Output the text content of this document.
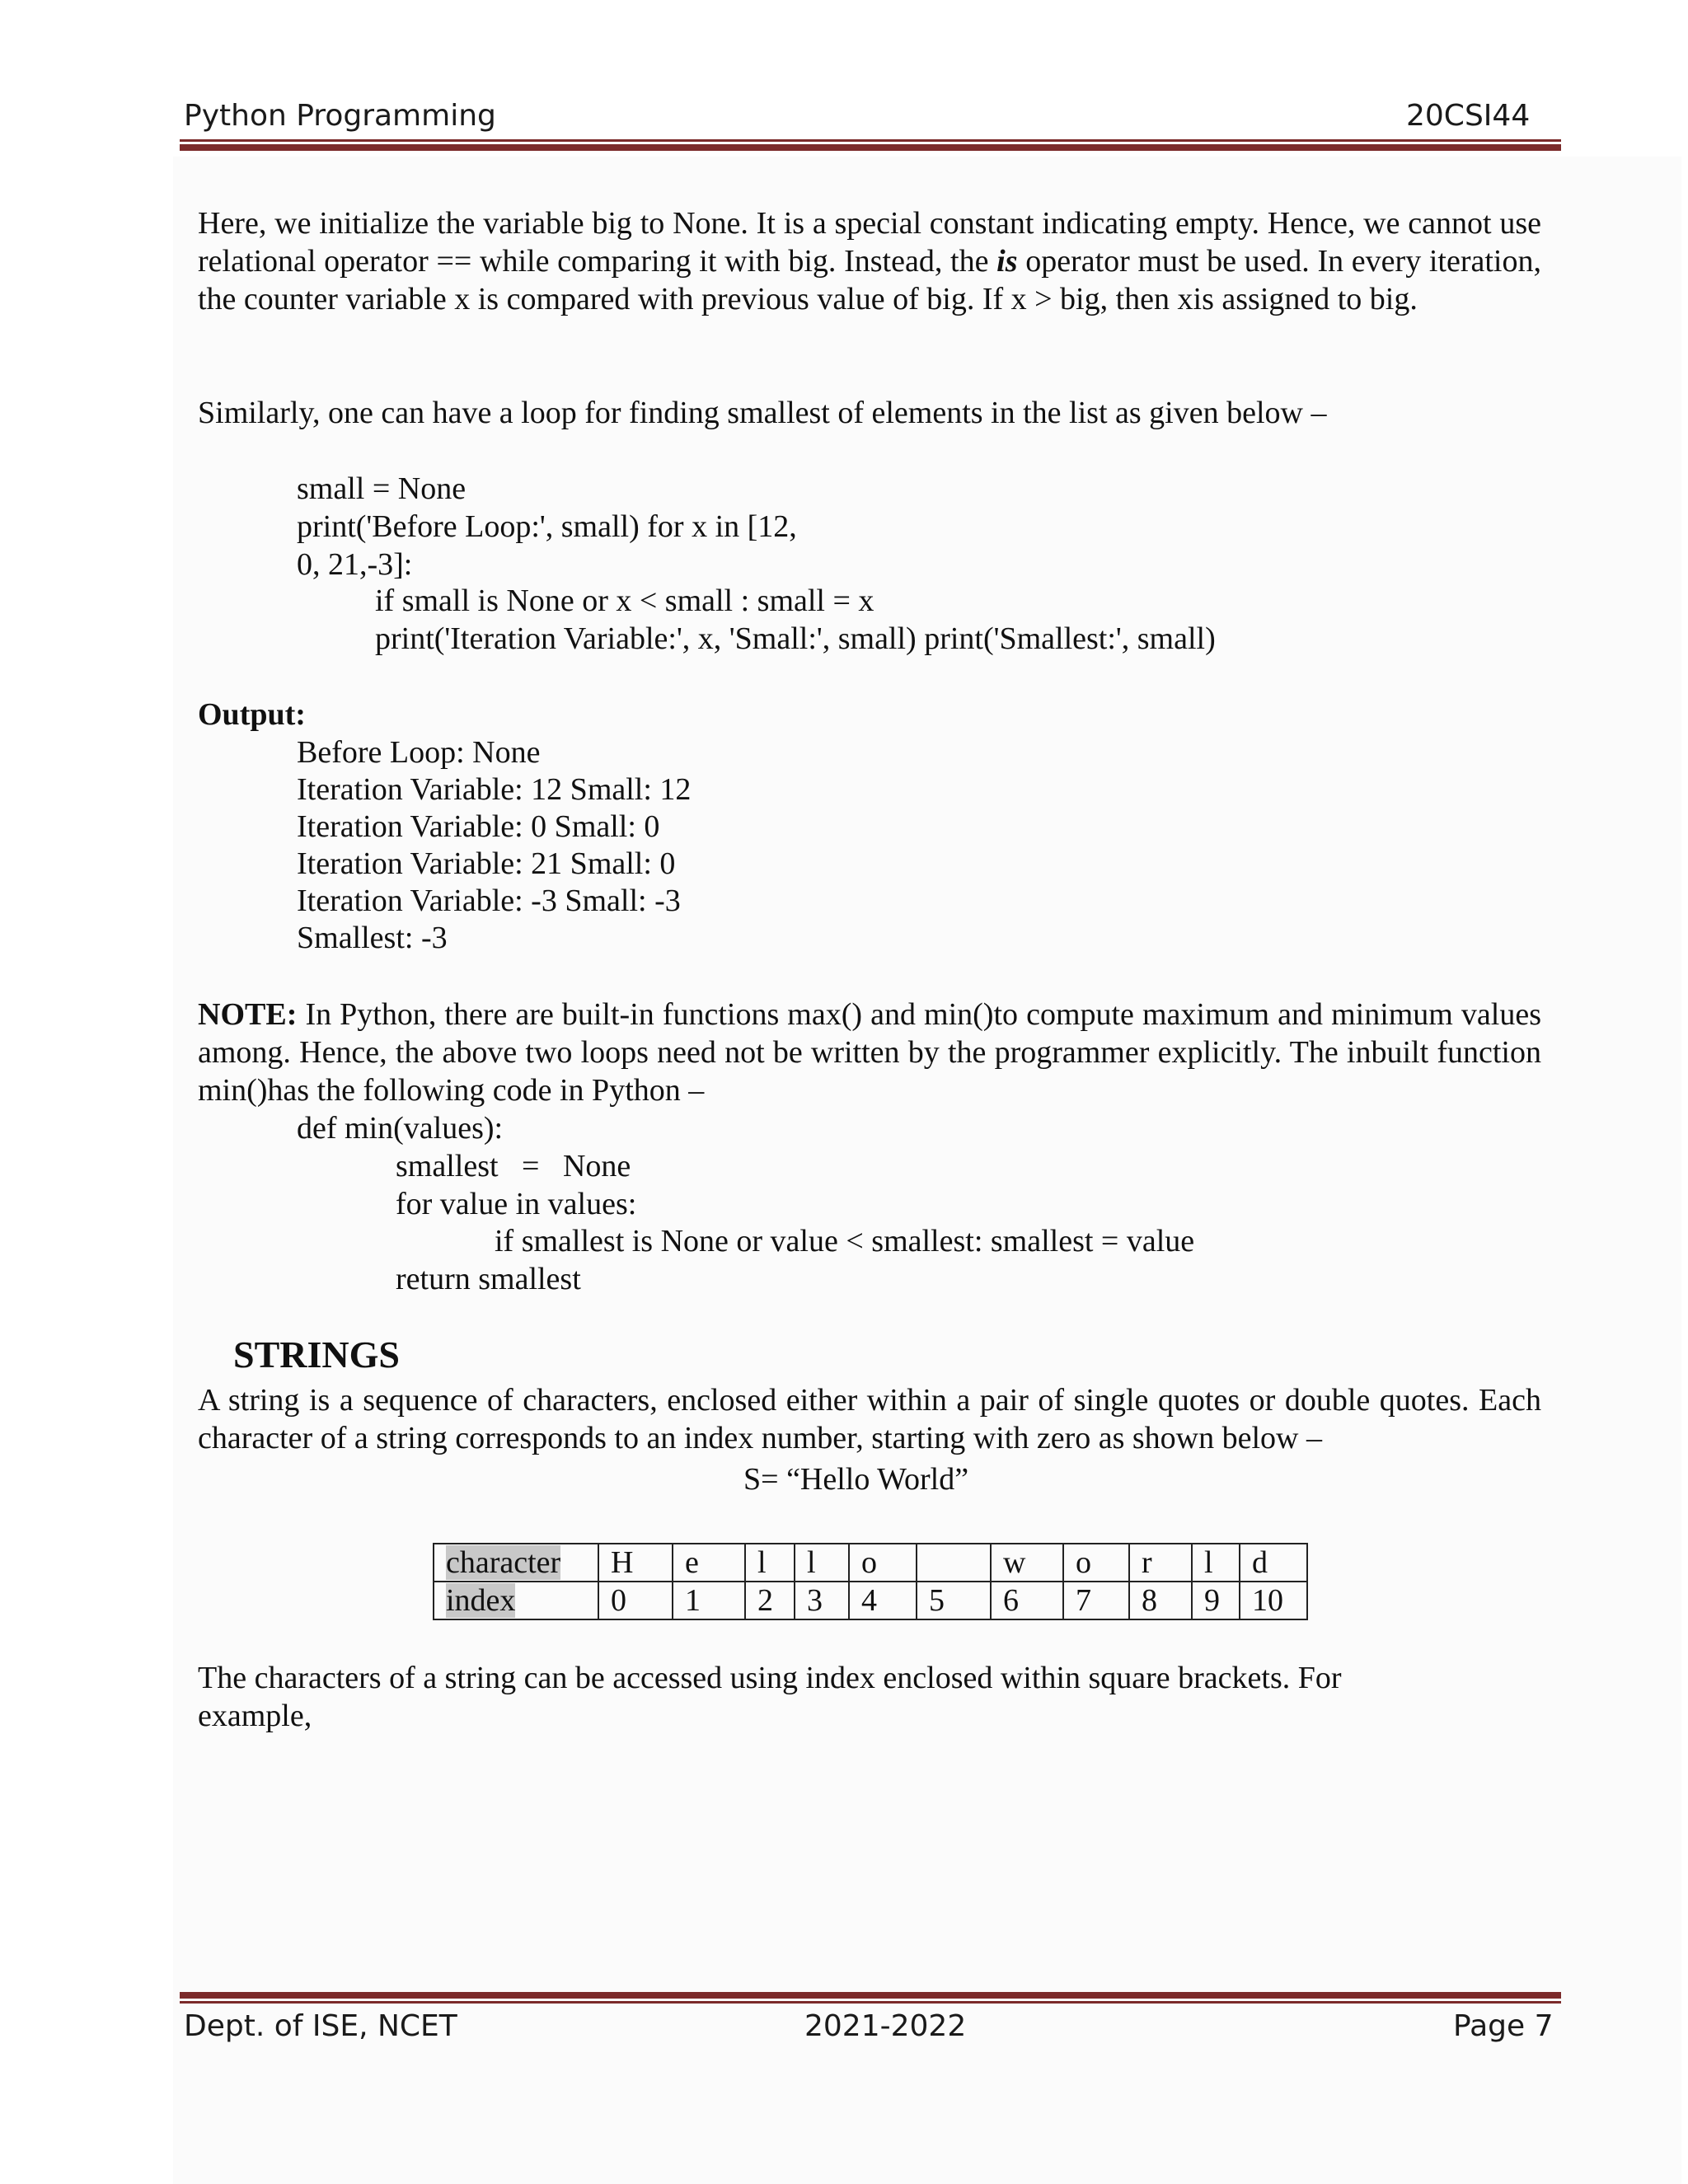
Python Programming	20CSI44
Here, we initialize the variable big to None. It is a special constant indicating empty. Hence, we cannot use relational operator == while comparing it with big. Instead, the is operator must be used. In every iteration, the counter variable x is compared with previous value of big. If x > big, then xis assigned to big.
Similarly, one can have a loop for finding smallest of elements in the list as given below –
small = None
print('Before Loop:', small) for x in [12,
0, 21,-3]:
if small is None or x < small : small = x
print('Iteration Variable:', x, 'Small:', small) print('Smallest:', small)
Output:
Before Loop: None
Iteration Variable: 12 Small: 12
Iteration Variable: 0 Small: 0
Iteration Variable: 21 Small: 0
Iteration Variable: -3 Small: -3
Smallest: -3
NOTE: In Python, there are built-in functions max() and min()to compute maximum and minimum values among. Hence, the above two loops need not be written by the programmer explicitly. The inbuilt function min()has the following code in Python –
def min(values):
smallest   =   None
for value in values:
if smallest is None or value < smallest: smallest = value
return smallest
STRINGS
A string is a sequence of characters, enclosed either within a pair of single quotes or double quotes. Each character of a string corresponds to an index number, starting with zero as shown below –
S= “Hello World”
character	H	e	l	l	o		w	o	r	l	d
index	0	1	2	3	4	5	6	7	8	9	10
The characters of a string can be accessed using index enclosed within square brackets. For example,
Dept. of ISE, NCET	2021-2022	Page 7
